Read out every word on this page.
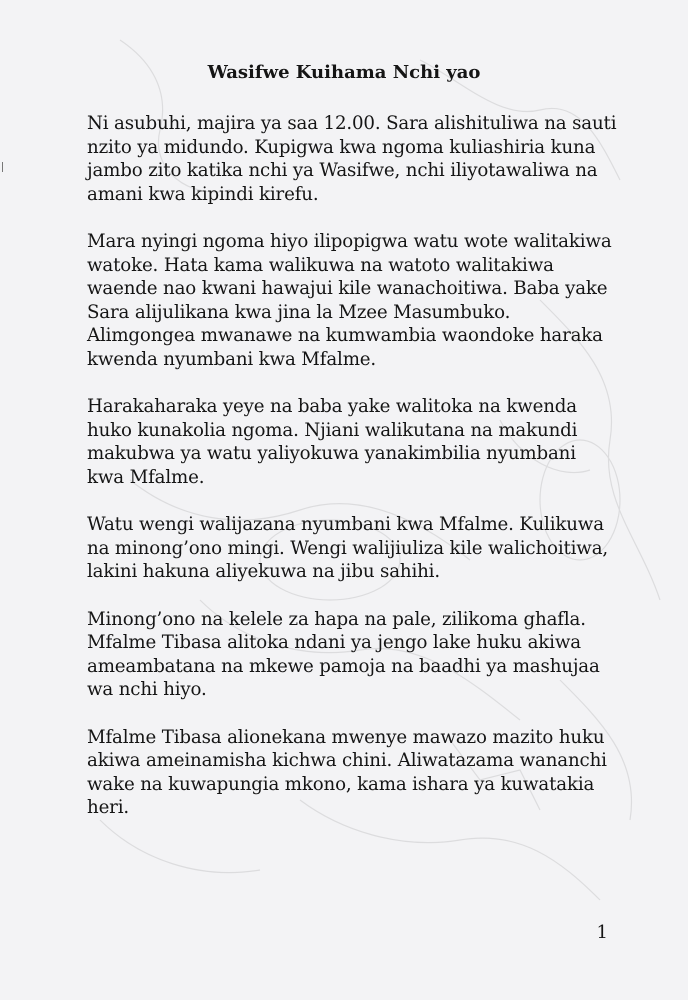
Wasifwe Kuihama Nchi yao

Ni asubuhi, majira ya saa 12.00. Sara alishituliwa na sauti nzito ya midundo. Kupigwa kwa ngoma kuliashiria kuna jambo zito katika nchi ya Wasifwe, nchi iliyotawaliwa na amani kwa kipindi kirefu.

Mara nyingi ngoma hiyo ilipopigwa watu wote walitakiwa watoke. Hata kama walikuwa na watoto walitakiwa waende nao kwani hawajui kile wanachoitiwa. Baba yake Sara alijulikana kwa jina la Mzee Masumbuko. Alimgongea mwanawe na kumwambia waondoke haraka kwenda nyumbani kwa Mfalme.

Harakaharaka yeye na baba yake walitoka na kwenda huko kunakolia ngoma. Njiani walikutana na makundi makubwa ya watu yaliyokuwa yanakimbilia nyumbani kwa Mfalme.

Watu wengi walijazana nyumbani kwa Mfalme. Kulikuwa na minong’ono mingi. Wengi walijiuliza kile walichoitiwa, lakini hakuna aliyekuwa na jibu sahihi.

Minong’ono na kelele za hapa na pale, zilikoma ghafla. Mfalme Tibasa alitoka ndani ya jengo lake huku akiwa ameambatana na mkewe pamoja na baadhi ya mashujaa wa nchi hiyo.

Mfalme Tibasa alionekana mwenye mawazo mazito huku akiwa ameinamisha kichwa chini. Aliwatazama wananchi wake na kuwapungia mkono, kama ishara ya kuwatakia heri.

1
